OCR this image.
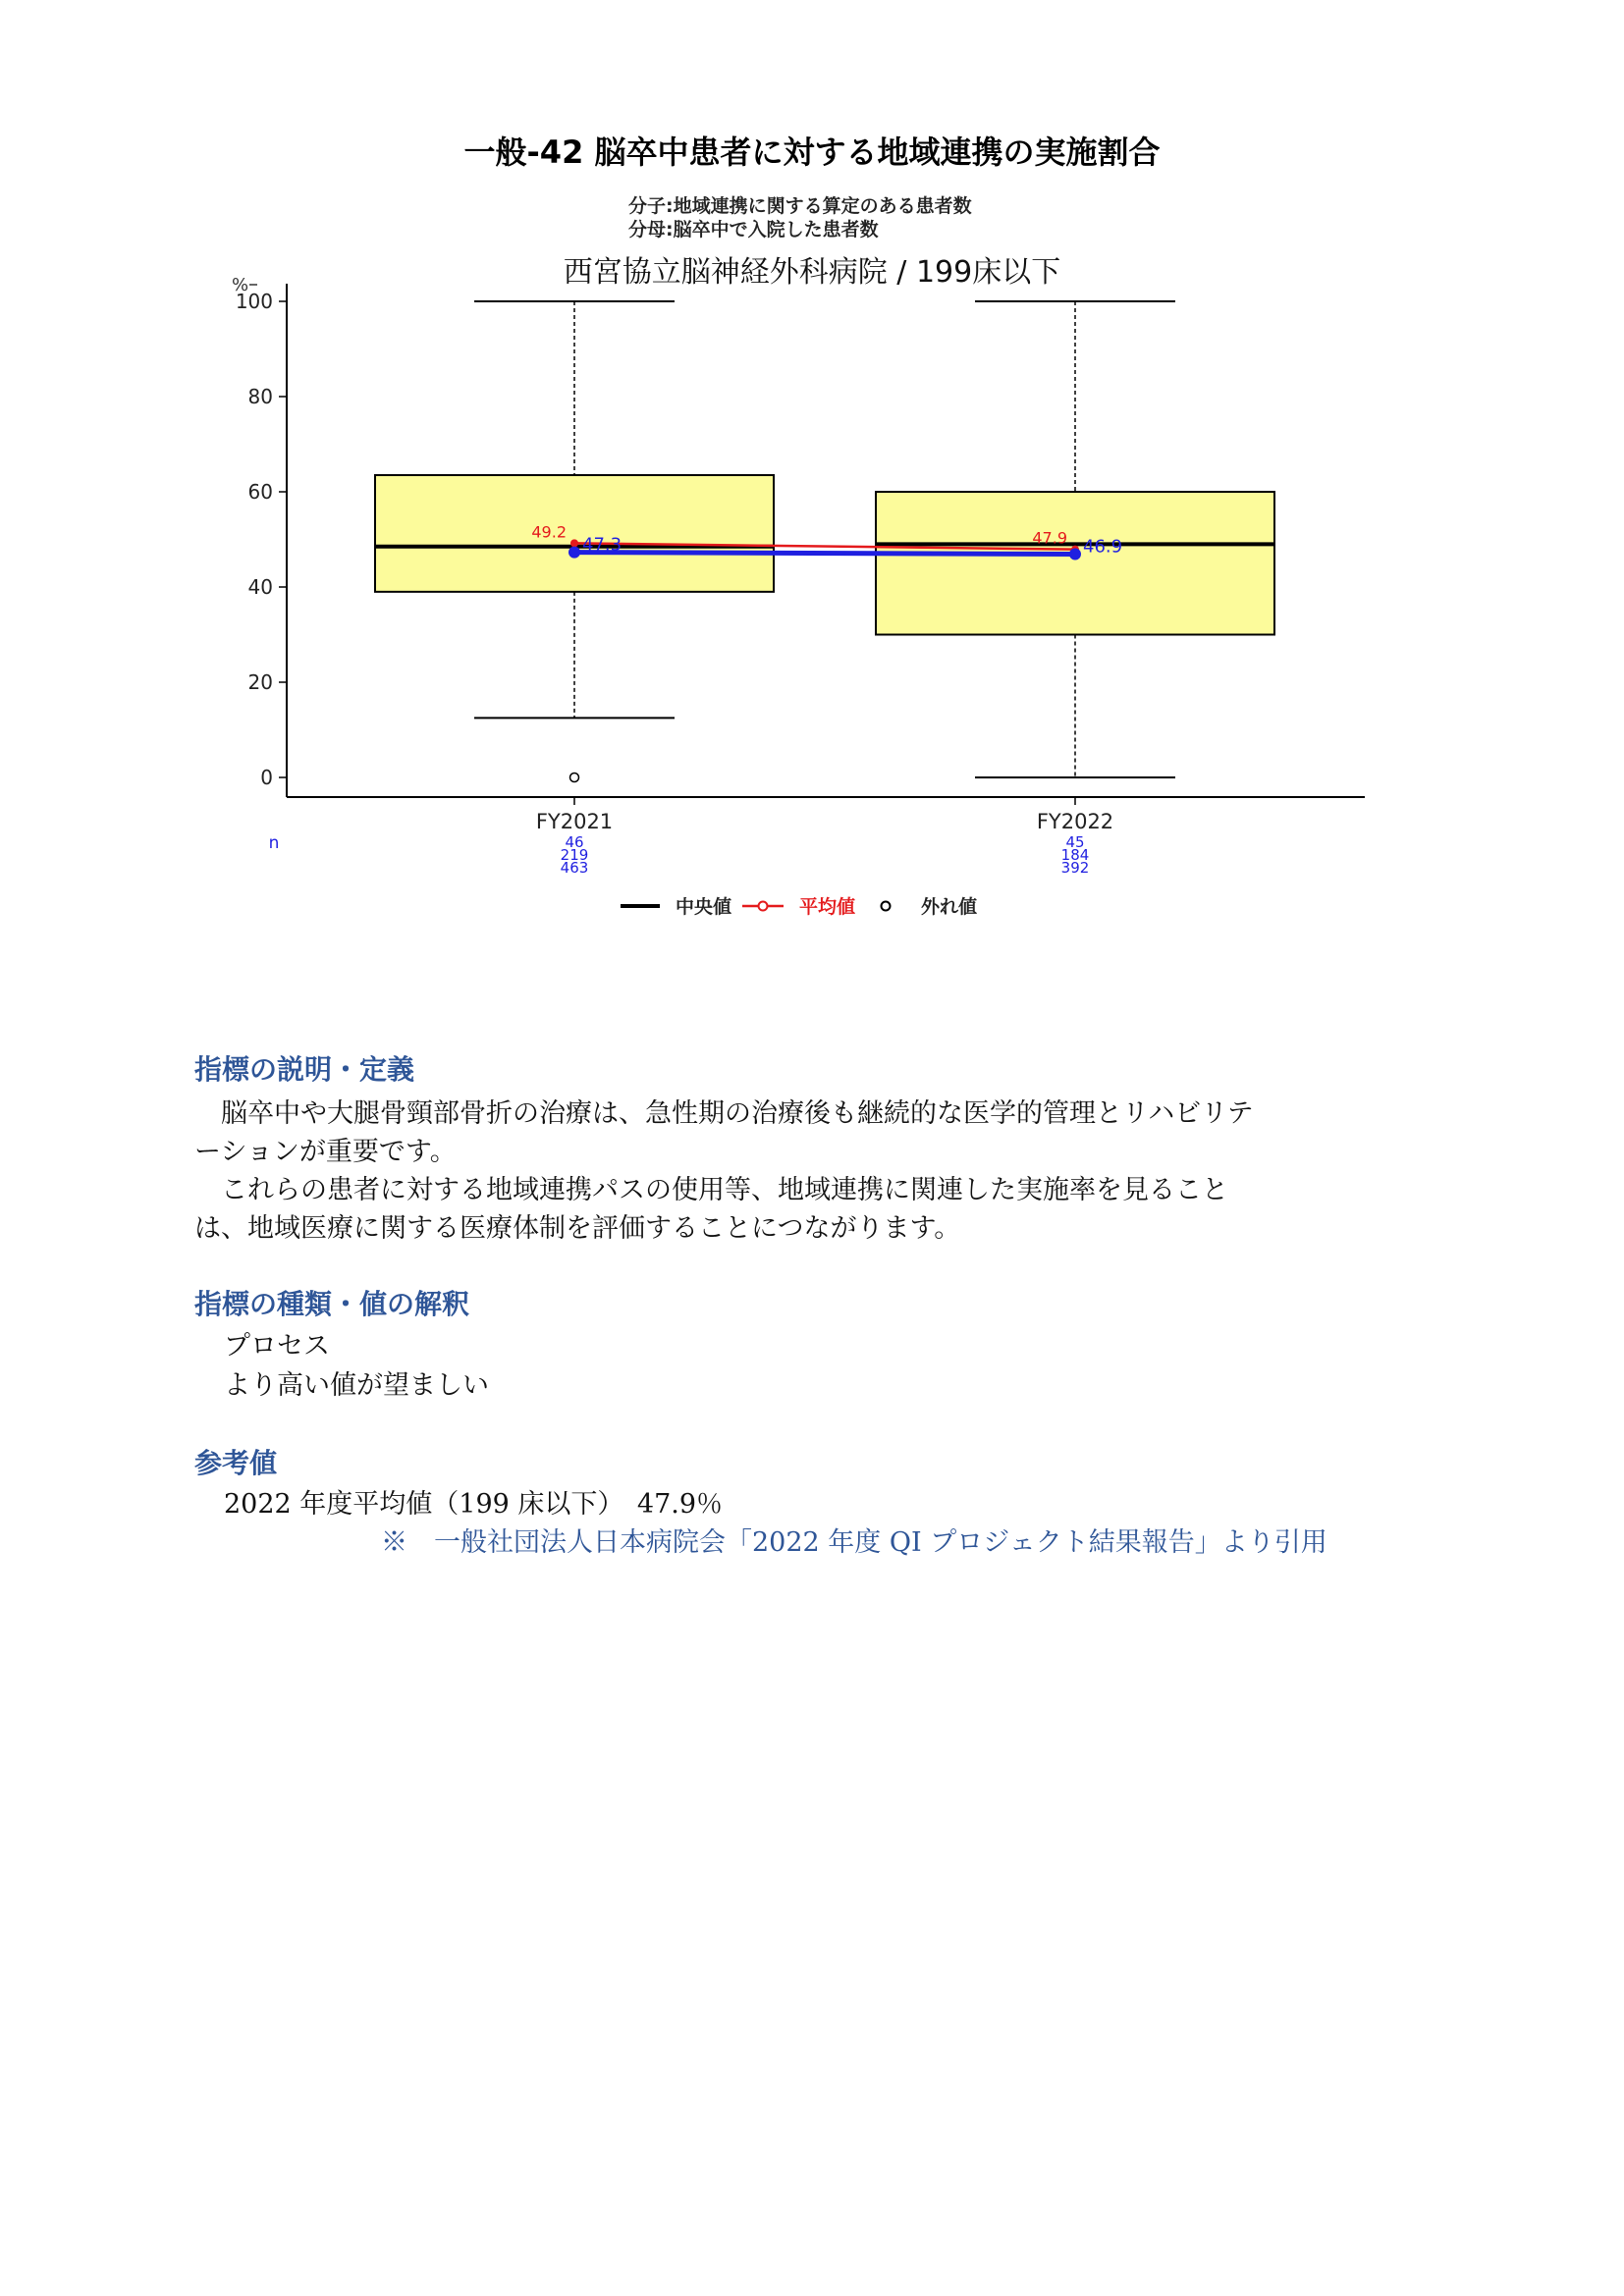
一般-42 脳卒中患者に対する地域連携の実施割合
分子:地域連携に関する算定のある患者数
分母:脳卒中で入院した患者数
西宮協立脳神経外科病院 / 199床以下
%
0
20
40
60
80
100
FY2021
46
219
463
FY2022
45
184
392
n
49.2	47.9
47.3	46.9
中央値	平均値	外れ値
指標の説明・定義
　脳卒中や大腿骨頸部骨折の治療は、急性期の治療後も継続的な医学的管理とリハビリテ
ーションが重要です。
　これらの患者に対する地域連携パスの使用等、地域連携に関連した実施率を見ること
は、地域医療に関する医療体制を評価することにつながります。
指標の種類・値の解釈
プロセス
より高い値が望ましい
参考値
2022 年度平均値（199 床以下）　47.9％
※　一般社団法人日本病院会「2022 年度 QI プロジェクト結果報告」より引用
